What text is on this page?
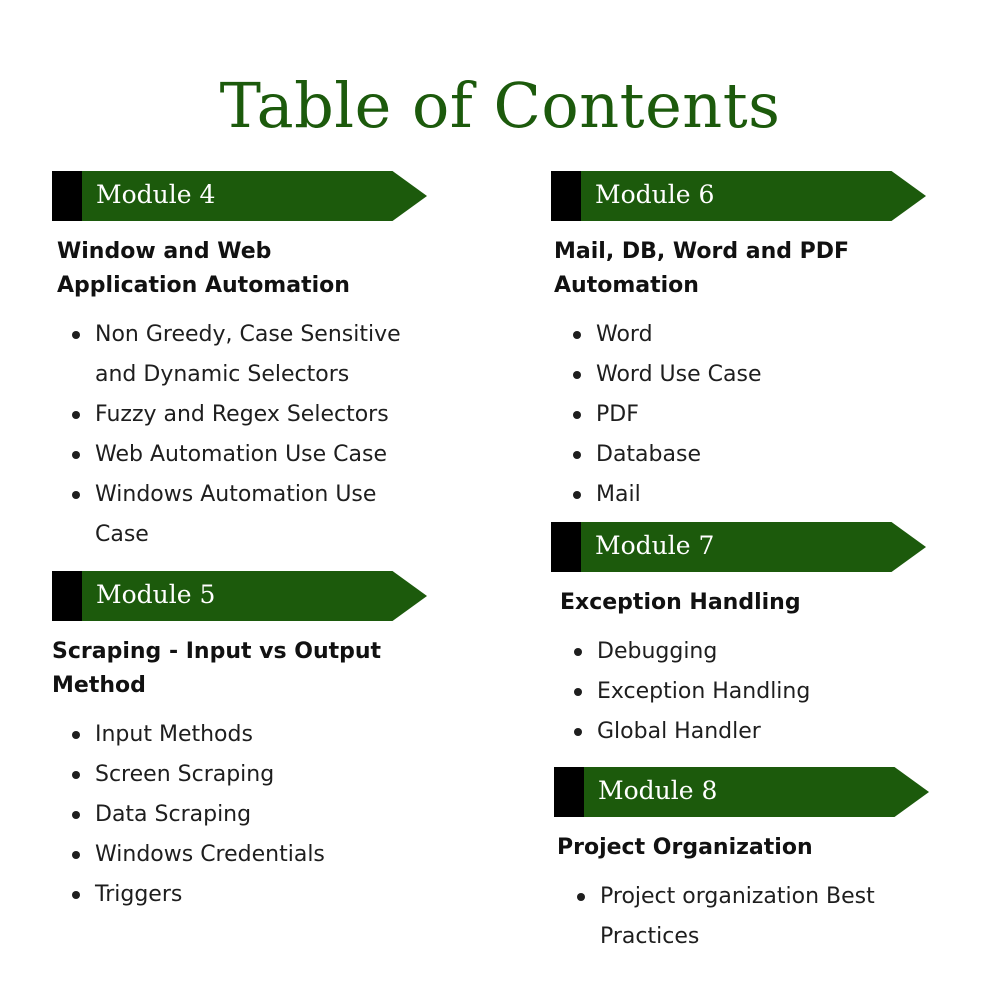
Table of Contents
Module 4
Window and Web Application Automation
Non Greedy, Case Sensitive and Dynamic Selectors
Fuzzy and Regex Selectors
Web Automation Use Case
Windows Automation Use Case
Module 5
Scraping - Input vs Output Method
Input Methods
Screen Scraping
Data Scraping
Windows Credentials
Triggers
Module 6
Mail, DB, Word and PDF Automation
Word
Word Use Case
PDF
Database
Mail
Module 7
Exception Handling
Debugging
Exception Handling
Global Handler
Module 8
Project Organization
Project organization Best Practices
